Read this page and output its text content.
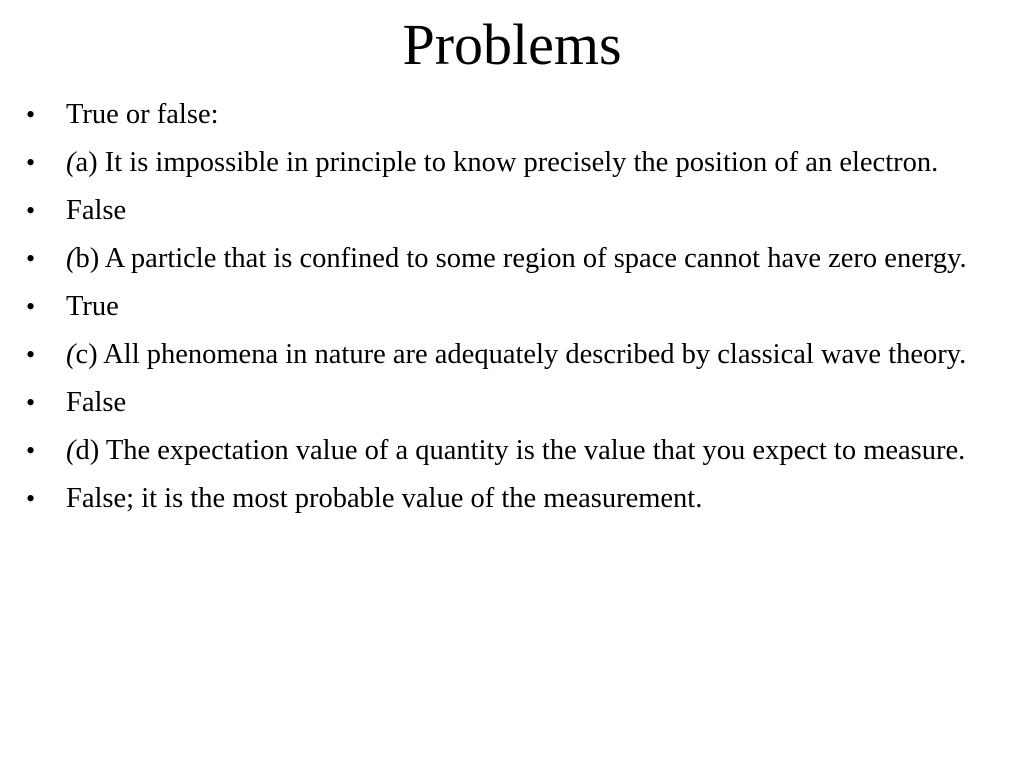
Problems
• True or false:
• (a) It is impossible in principle to know precisely the position of an electron.
• False
• (b) A particle that is confined to some region of space cannot have zero energy.
• True
• (c) All phenomena in nature are adequately described by classical wave theory.
• False
• (d) The expectation value of a quantity is the value that you expect to measure.
• False; it is the most probable value of the measurement.
